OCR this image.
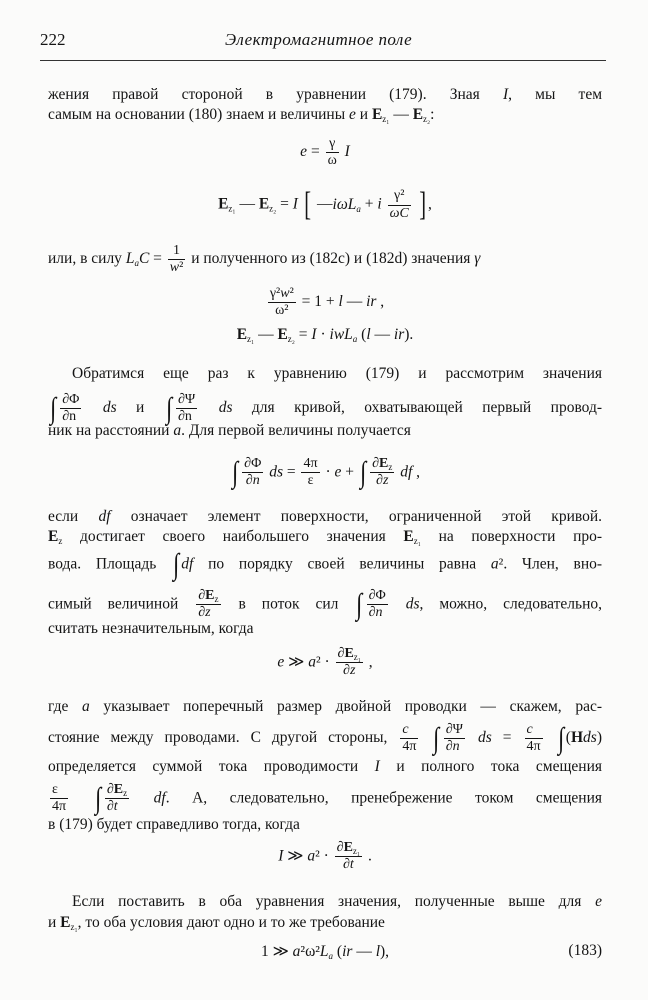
222	Электромагнитное поле
жения правой стороной в уравнении (179). Зная I, мы тем
самым на основании (180) знаем и величины e и $E_{z_1}$ — $E_{z_2}$:
$e = \frac{\gamma}{\omega}$ I
$E_{z_1}$ — $E_{z_2} = I$ [ —iωL$_a$ + i $\frac{\text{γ²}}{\omega C}$ ] ,
или, в силу $L_aC = \frac{1}{\text{w²}}$ и полученного из (182c) и (182d) значения γ
$\frac{\text{γ²w²}}{\text{ω²}} = 1 + l$ — ir ,
$E_{z_1}$ — $E_{z_2} = I \cdot iwL_a$ (l — ir).
Обратимся еще раз к уравнению (179) и рассмотрим значения
∫ $\frac{\partial\Phi}{\partial n}$ ds и ∫ $\frac{\partial\Psi}{\partial n}$ ds для кривой, охватывающей первый провод-
ник на расстоянии a. Для первой величины получается
∫ $\frac{\partial\Phi}{\partial n}$ ds = $\frac{4\pi}{\varepsilon} \cdot e$ + ∫ $\frac{\partial E_z}{\partial z}$ df ,
если df означает элемент поверхности, ограниченной этой кривой.
$E_z$ достигает своего наибольшего значения $E_{z_1}$ на поверхности про-
вода. Площадь ∫ df по порядку своей величины равна a². Член, вно-
симый величиной $\frac{\partial E_z}{\partial z}$ в поток сил ∫ $\frac{\partial\Phi}{\partial n}$ ds, можно, следовательно,
считать незначительным, когда
e ≫ $a^2 \cdot \frac{\partial E_{z_1}}{\partial z}$ ,
где a указывает поперечный размер двойной проводки — скажем, рас-
стояние между проводами. С другой стороны, $\frac{c}{4\pi}$ ∫ $\frac{\partial\Psi}{\partial n}$ ds = $\frac{c}{4\pi}$ ∫ (Hds)
определяется суммой тока проводимости I и полного тока смещения
$\frac{\varepsilon}{4\pi}$ ∫ $\frac{\partial E_z}{\partial t}$ df. А, следовательно, пренебрежение током смещения
в (179) будет справедливо тогда, когда
I ≫ $a^2 \cdot \frac{\partial E_{z_1}}{\partial t}$ .
Если поставить в оба уравнения значения, полученные выше для e
и $E_{z_1}$, то оба условия дают одно и то же требование
1 ≫ $a^2\omega^2L_a$ (ir — l),	(183)
